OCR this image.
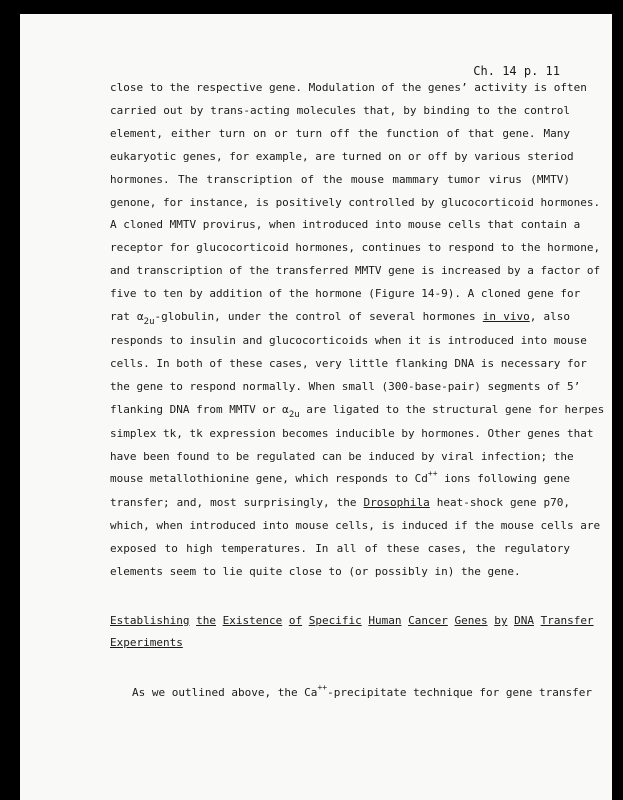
Ch. 14 p. 11
close to the respective gene. Modulation of the genes’ activity is often
carried out by trans-acting molecules that, by binding to the control
element, either turn on or turn off the function of that gene. Many
eukaryotic genes, for example, are turned on or off by various steriod
hormones. The transcription of the mouse mammary tumor virus (MMTV)
genone, for instance, is positively controlled by glucocorticoid hormones.
A cloned MMTV provirus, when introduced into mouse cells that contain a
receptor for glucocorticoid hormones, continues to respond to the hormone,
and transcription of the transferred MMTV gene is increased by a factor of
five to ten by addition of the hormone (Figure 14-9). A cloned gene for
rat $\alpha_{2u}$-globulin, under the control of several hormones in vivo, also
responds to insulin and glucocorticoids when it is introduced into mouse
cells. In both of these cases, very little flanking DNA is necessary for
the gene to respond normally. When small (300-base-pair) segments of 5’
flanking DNA from MMTV or $\alpha_{2u}$ are ligated to the structural gene for herpes
simplex tk, tk expression becomes inducible by hormones. Other genes that
have been found to be regulated can be induced by viral infection; the
mouse metallothionine gene, which responds to Cd++ ions following gene
transfer; and, most surprisingly, the Drosophila heat-shock gene p70,
which, when introduced into mouse cells, is induced if the mouse cells are
exposed to high temperatures. In all of these cases, the regulatory
elements seem to lie quite close to (or possibly in) the gene.
Establishing the Existence of Specific Human Cancer Genes by DNA Transfer
Experiments
As we outlined above, the Ca++-precipitate technique for gene transfer
